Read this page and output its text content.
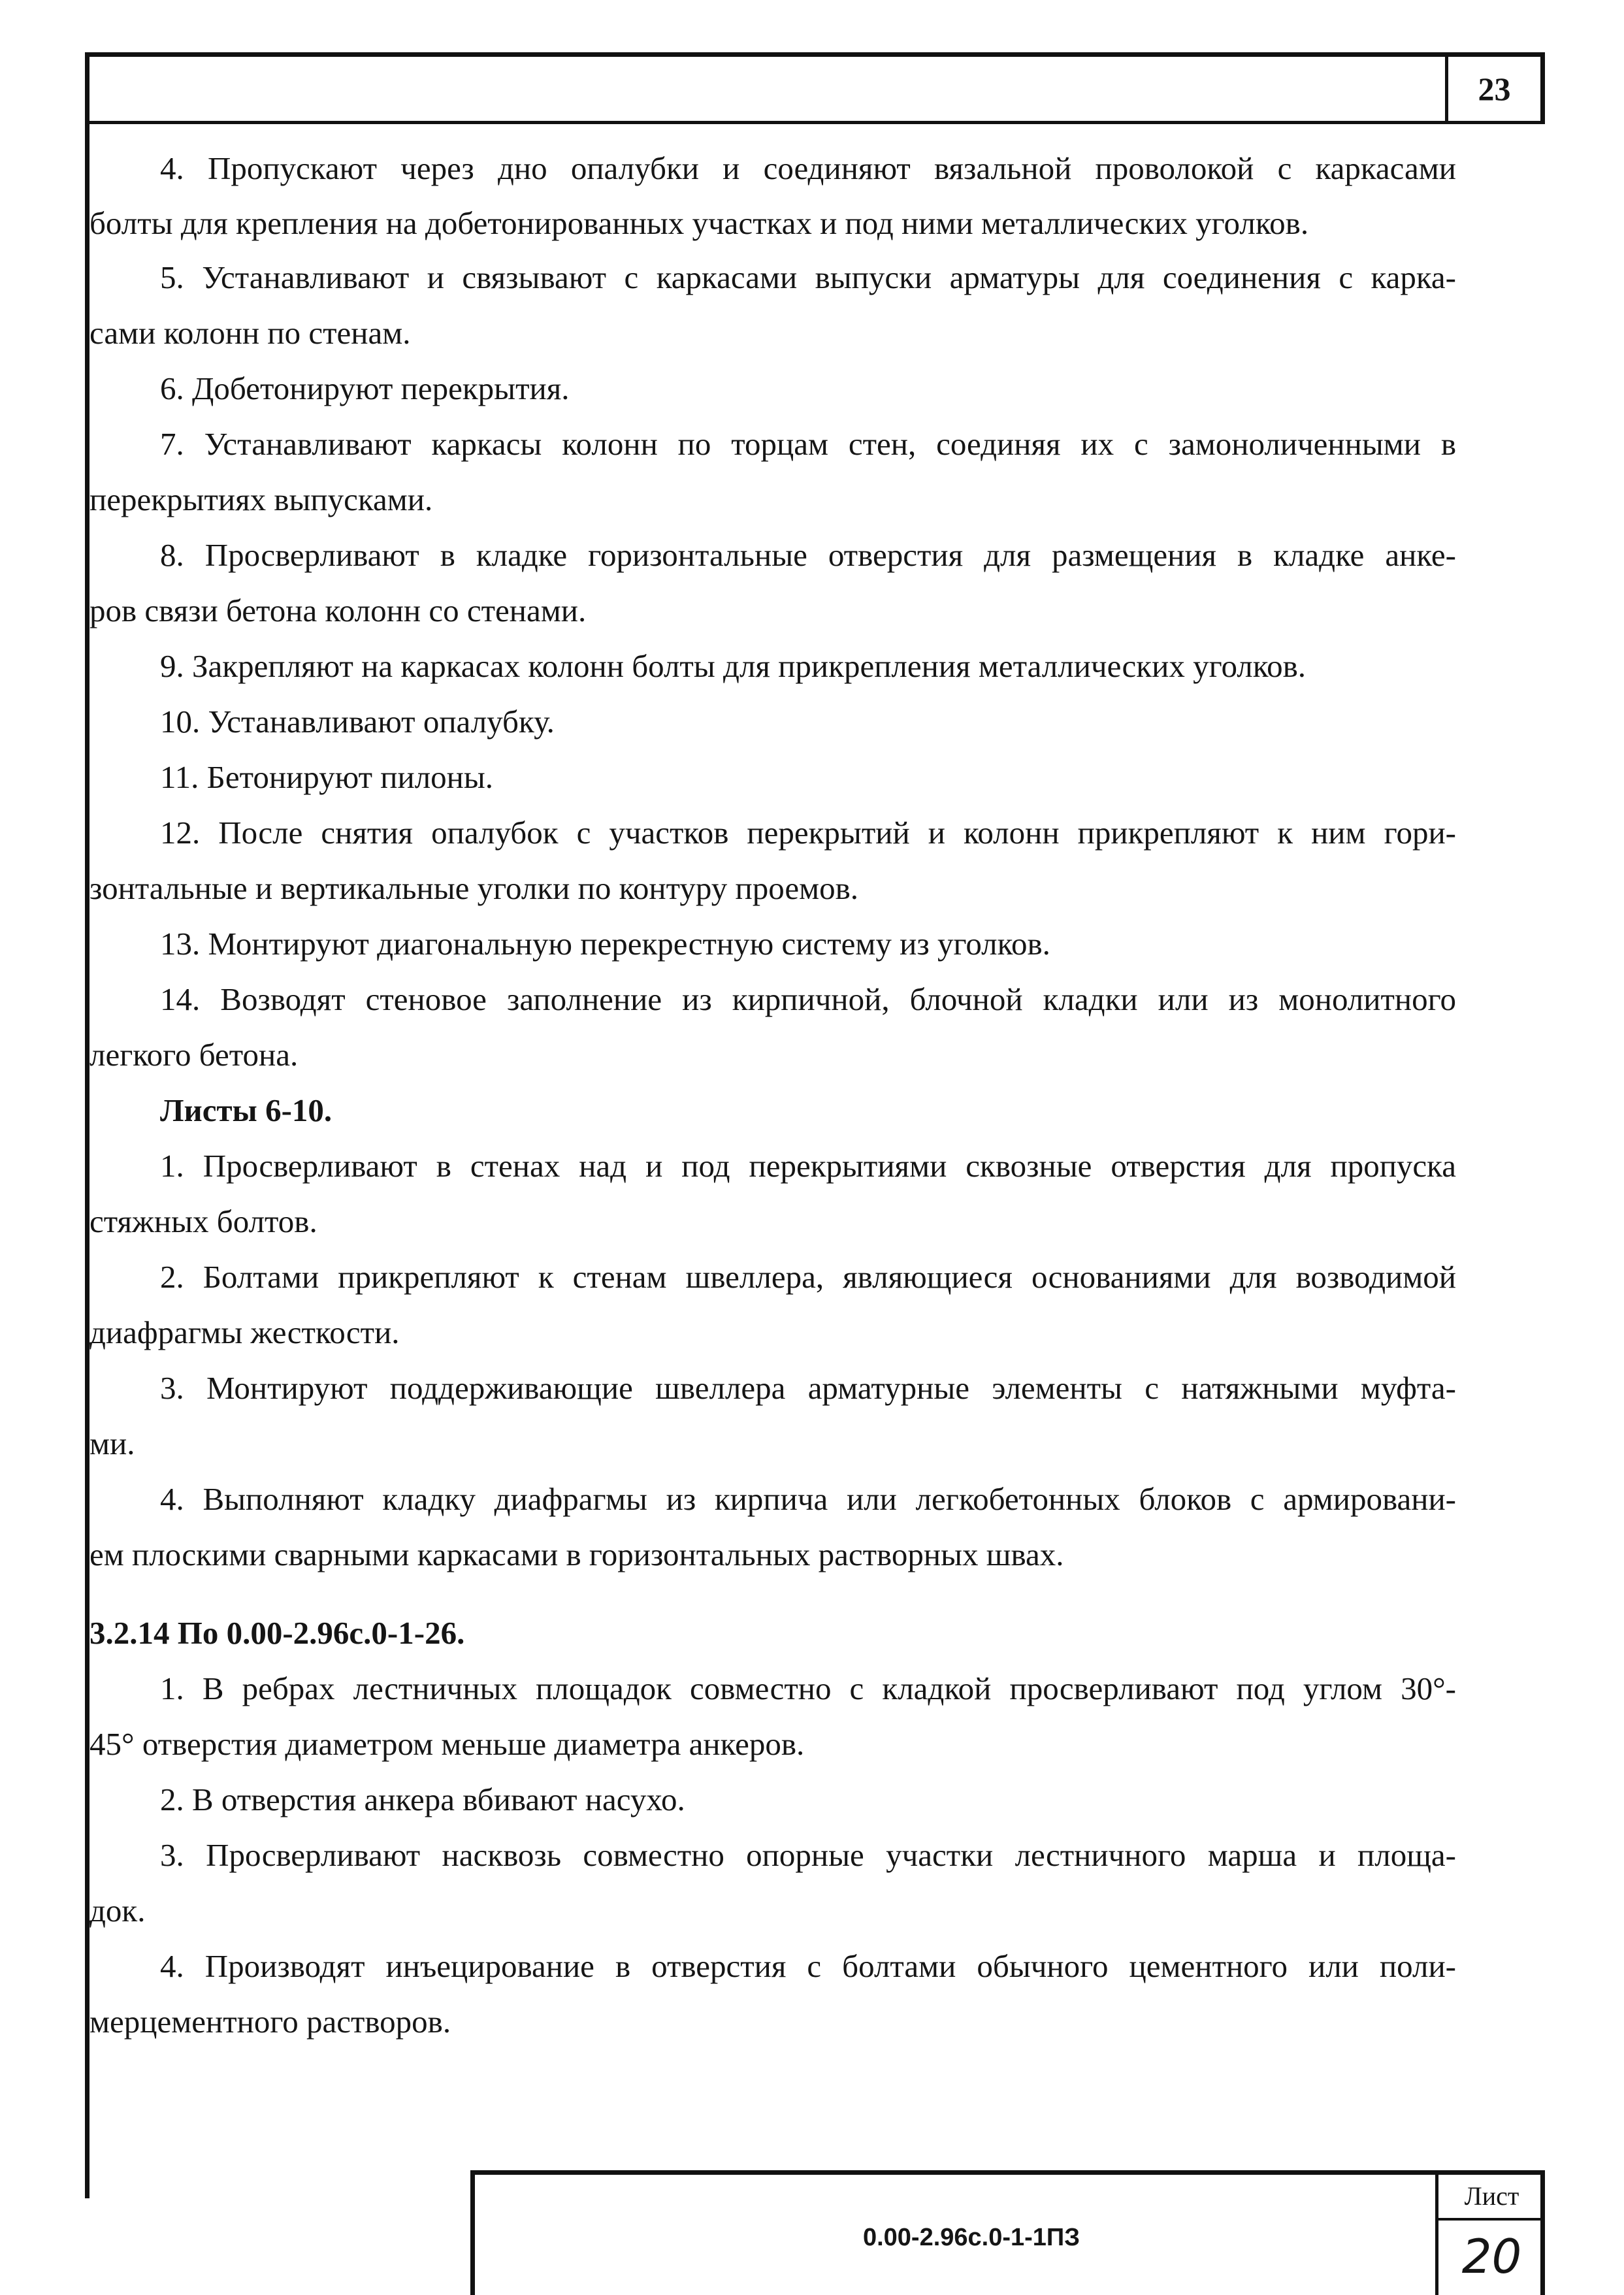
23
4. Пропускают через дно опалубки и соединяют вязальной проволокой с каркасами
болты для крепления на добетонированных участках и под ними металлических уголков.
5. Устанавливают и связывают с каркасами выпуски арматуры для соединения с карка-
сами колонн по стенам.
6. Добетонируют перекрытия.
7. Устанавливают каркасы колонн по торцам стен, соединяя их с замоноличенными в
перекрытиях выпусками.
8. Просверливают в кладке горизонтальные отверстия для размещения в кладке анке-
ров связи бетона колонн со стенами.
9. Закрепляют на каркасах колонн болты для прикрепления металлических уголков.
10. Устанавливают опалубку.
11. Бетонируют пилоны.
12. После снятия опалубок с участков перекрытий и колонн прикрепляют к ним гори-
зонтальные и вертикальные уголки по контуру проемов.
13. Монтируют диагональную перекрестную систему из уголков.
14. Возводят стеновое заполнение из кирпичной, блочной кладки или из монолитного
легкого бетона.
Листы 6-10.
1. Просверливают в стенах над и под перекрытиями сквозные отверстия для пропуска
стяжных болтов.
2. Болтами прикрепляют к стенам швеллера, являющиеся основаниями для возводимой
диафрагмы жесткости.
3. Монтируют поддерживающие швеллера арматурные элементы с натяжными муфта-
ми.
4. Выполняют кладку диафрагмы из кирпича или легкобетонных блоков с армировани-
ем плоскими сварными каркасами в горизонтальных растворных швах.
3.2.14 По 0.00-2.96с.0-1-26.
1. В ребрах лестничных площадок совместно с кладкой просверливают под углом 30°-
45° отверстия диаметром меньше диаметра анкеров.
2. В отверстия анкера вбивают насухо.
3. Просверливают насквозь совместно опорные участки лестничного марша и площа-
док.
4. Производят инъецирование в отверстия с болтами обычного цементного или поли-
мерцементного растворов.
0.00-2.96с.0-1-1ПЗ
Лист
20
